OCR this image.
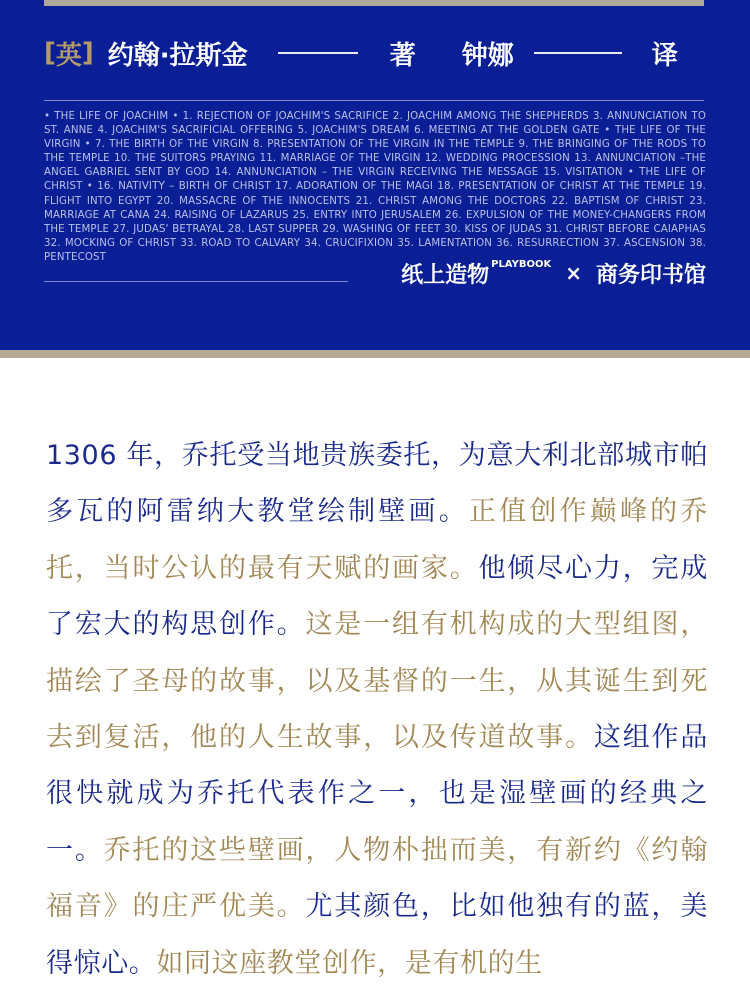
[ 英 ] 约翰·拉斯金	著 钟娜	译
• THE LIFE OF JOACHIM • 1. REJECTION OF JOACHIM'S SACRIFICE 2. JOACHIM AMONG THE SHEPHERDS 3. ANNUNCIATION TO ST. ANNE 4. JOACHIM'S SACRIFICIAL OFFERING 5. JOACHIM'S DREAM 6. MEETING AT THE GOLDEN GATE • THE LIFE OF THE VIRGIN • 7. THE BIRTH OF THE VIRGIN 8. PRESENTATION OF THE VIRGIN IN THE TEMPLE 9. THE BRINGING OF THE RODS TO THE TEMPLE 10. THE SUITORS PRAYING 11. MARRIAGE OF THE VIRGIN 12. WEDDING PROCESSION 13. ANNUNCIATION –THE ANGEL GABRIEL SENT BY GOD 14. ANNUNCIATION – THE VIRGIN RECEIVING THE MESSAGE 15. VISITATION • THE LIFE OF CHRIST • 16. NATIVITY – BIRTH OF CHRIST 17. ADORATION OF THE MAGI 18. PRESENTATION OF CHRIST AT THE TEMPLE 19. FLIGHT INTO EGYPT 20. MASSACRE OF THE INNOCENTS 21. CHRIST AMONG THE DOCTORS 22. BAPTISM OF CHRIST 23. MARRIAGE AT CANA 24. RAISING OF LAZARUS 25. ENTRY INTO JERUSALEM 26. EXPULSION OF THE MONEY-CHANGERS FROM THE TEMPLE 27. JUDAS' BETRAYAL 28. LAST SUPPER 29. WASHING OF FEET 30. KISS OF JUDAS 31. CHRIST BEFORE CAIAPHAS 32. MOCKING OF CHRIST 33. ROAD TO CALVARY 34. CRUCIFIXION 35. LAMENTATION 36. RESURRECTION 37. ASCENSION 38. PENTECOST
纸上造物 PLAYBOOK × 商务印书馆
1306 年，乔托受当地贵族委托，为意大利北部城市帕多瓦的阿雷纳大教堂绘制壁画。正值创作巅峰的乔托，当时公认的最有天赋的画家。他倾尽心力，完成了宏大的构思创作。这是一组有机构成的大型组图，描绘了圣母的故事，以及基督的一生，从其诞生到死去到复活，他的人生故事，以及传道故事。这组作品很快就成为乔托代表作之一，也是湿壁画的经典之一。乔托的这些壁画，人物朴拙而美，有新约《约翰福音》的庄严优美。尤其颜色，比如他独有的蓝，美得惊心。如同这座教堂创作，是有机的生
